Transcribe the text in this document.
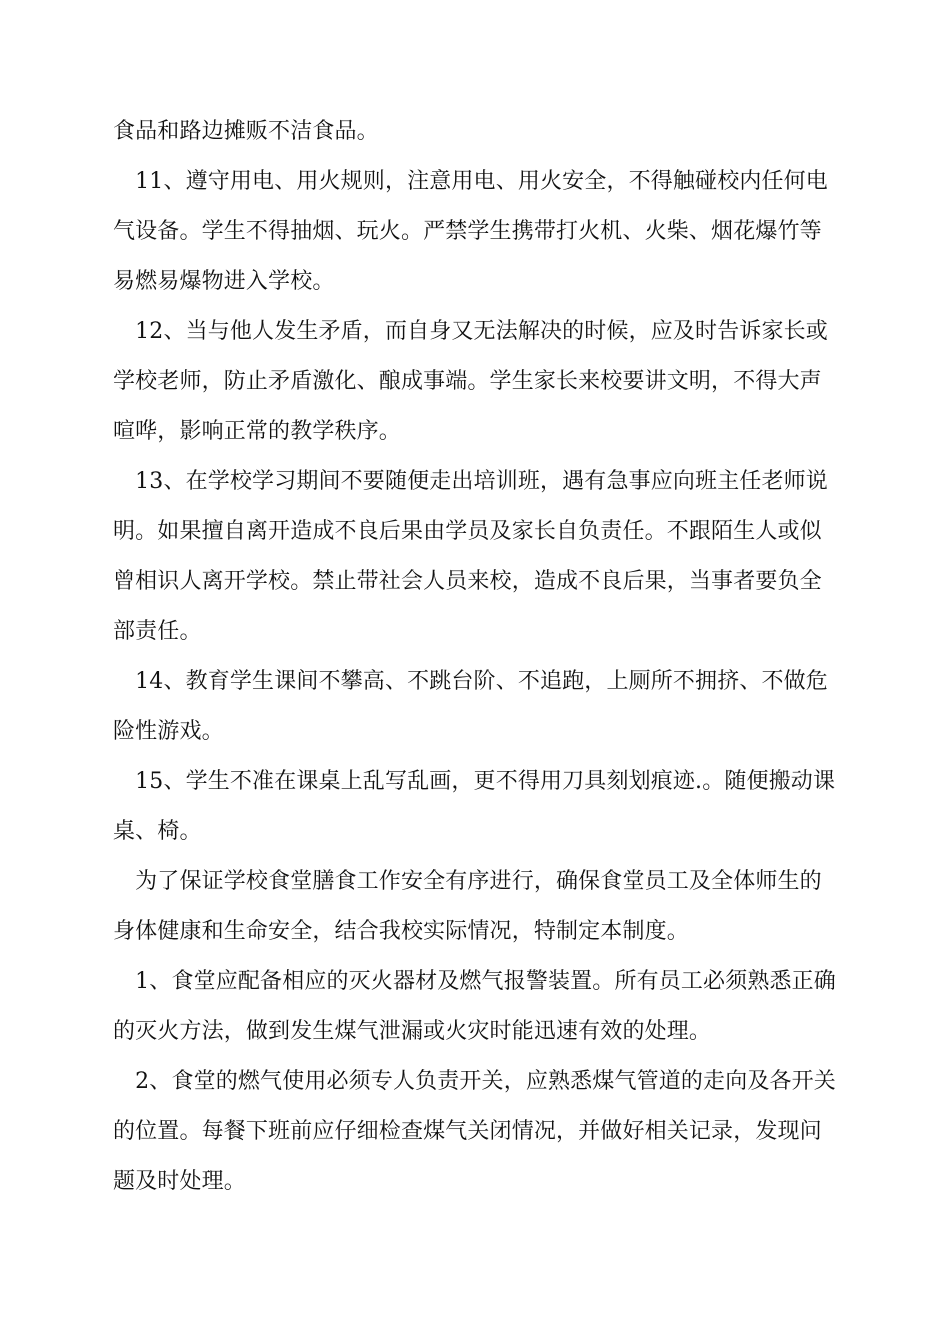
食品和路边摊贩不洁食品。
　11、遵守用电、用火规则，注意用电、用火安全，不得触碰校内任何电
气设备。学生不得抽烟、玩火。严禁学生携带打火机、火柴、烟花爆竹等
易燃易爆物进入学校。
　12、当与他人发生矛盾，而自身又无法解决的时候，应及时告诉家长或
学校老师，防止矛盾激化、酿成事端。学生家长来校要讲文明，不得大声
喧哗，影响正常的教学秩序。
　13、在学校学习期间不要随便走出培训班，遇有急事应向班主任老师说
明。如果擅自离开造成不良后果由学员及家长自负责任。不跟陌生人或似
曾相识人离开学校。禁止带社会人员来校，造成不良后果，当事者要负全
部责任。
　14、教育学生课间不攀高、不跳台阶、不追跑，上厕所不拥挤、不做危
险性游戏。
　15、学生不准在课桌上乱写乱画，更不得用刀具刻划痕迹.。随便搬动课
桌、椅。
　为了保证学校食堂膳食工作安全有序进行，确保食堂员工及全体师生的
身体健康和生命安全，结合我校实际情况，特制定本制度。
　1、食堂应配备相应的灭火器材及燃气报警装置。所有员工必须熟悉正确
的灭火方法，做到发生煤气泄漏或火灾时能迅速有效的处理。
　2、食堂的燃气使用必须专人负责开关，应熟悉煤气管道的走向及各开关
的位置。每餐下班前应仔细检查煤气关闭情况，并做好相关记录，发现问
题及时处理。
